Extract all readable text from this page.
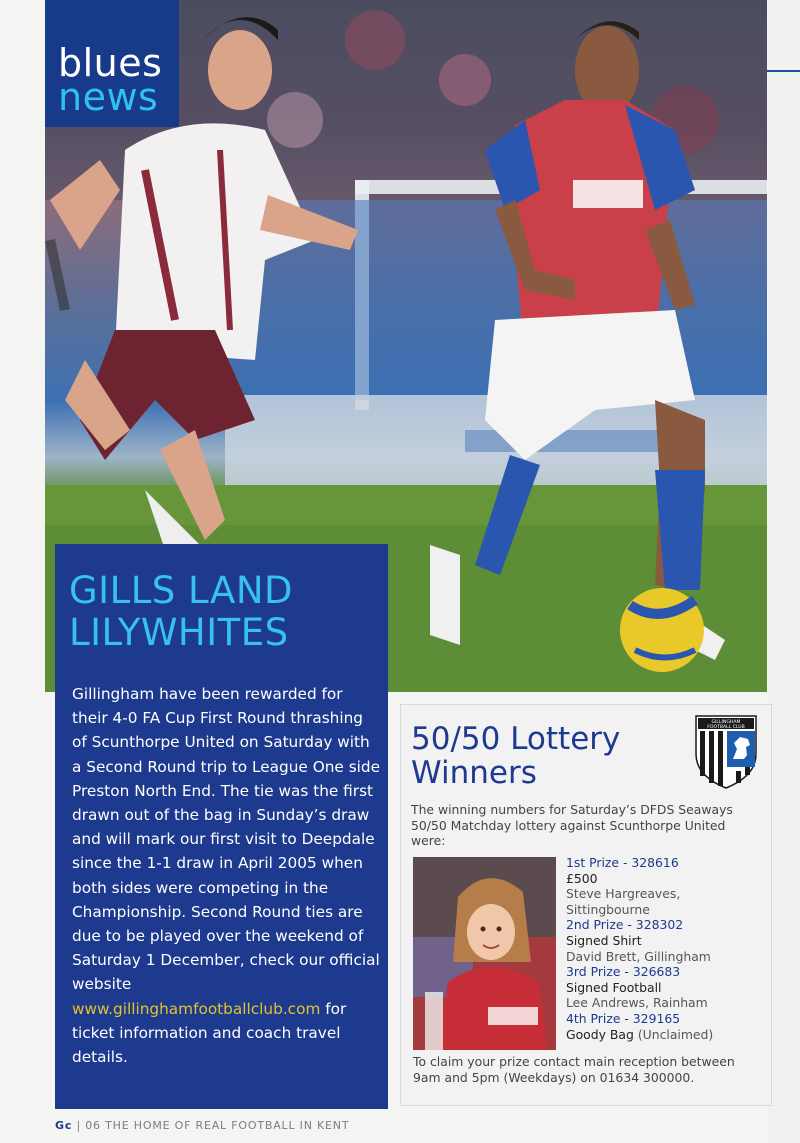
blues
news
GILLS LAND
LILYWHITES
Gillingham have been rewarded for their 4-0 FA Cup First Round thrashing of Scunthorpe United on Saturday with a Second Round trip to League One side Preston North End. The tie was the first drawn out of the bag in Sunday’s draw and will mark our first visit to Deepdale since the 1-1 draw in April 2005 when both sides were competing in the Championship. Second Round ties are due to be played over the weekend of Saturday 1 December, check our official website www.gillinghamfootballclub.com for ticket information and coach travel details.
50/50 Lottery
Winners
GILLINGHAM
FOOTBALL CLUB
The winning numbers for Saturday’s DFDS Seaways 50/50 Matchday lottery against Scunthorpe United were:
1st Prize - 328616
£500
Steve Hargreaves, Sittingbourne
2nd Prize - 328302
Signed Shirt
David Brett, Gillingham
3rd Prize - 326683
Signed Football
Lee Andrews, Rainham
4th Prize - 329165
Goody Bag (Unclaimed)
To claim your prize contact main reception between 9am and 5pm (Weekdays) on 01634 300000.
Gc | 06 THE HOME OF REAL FOOTBALL IN KENT
